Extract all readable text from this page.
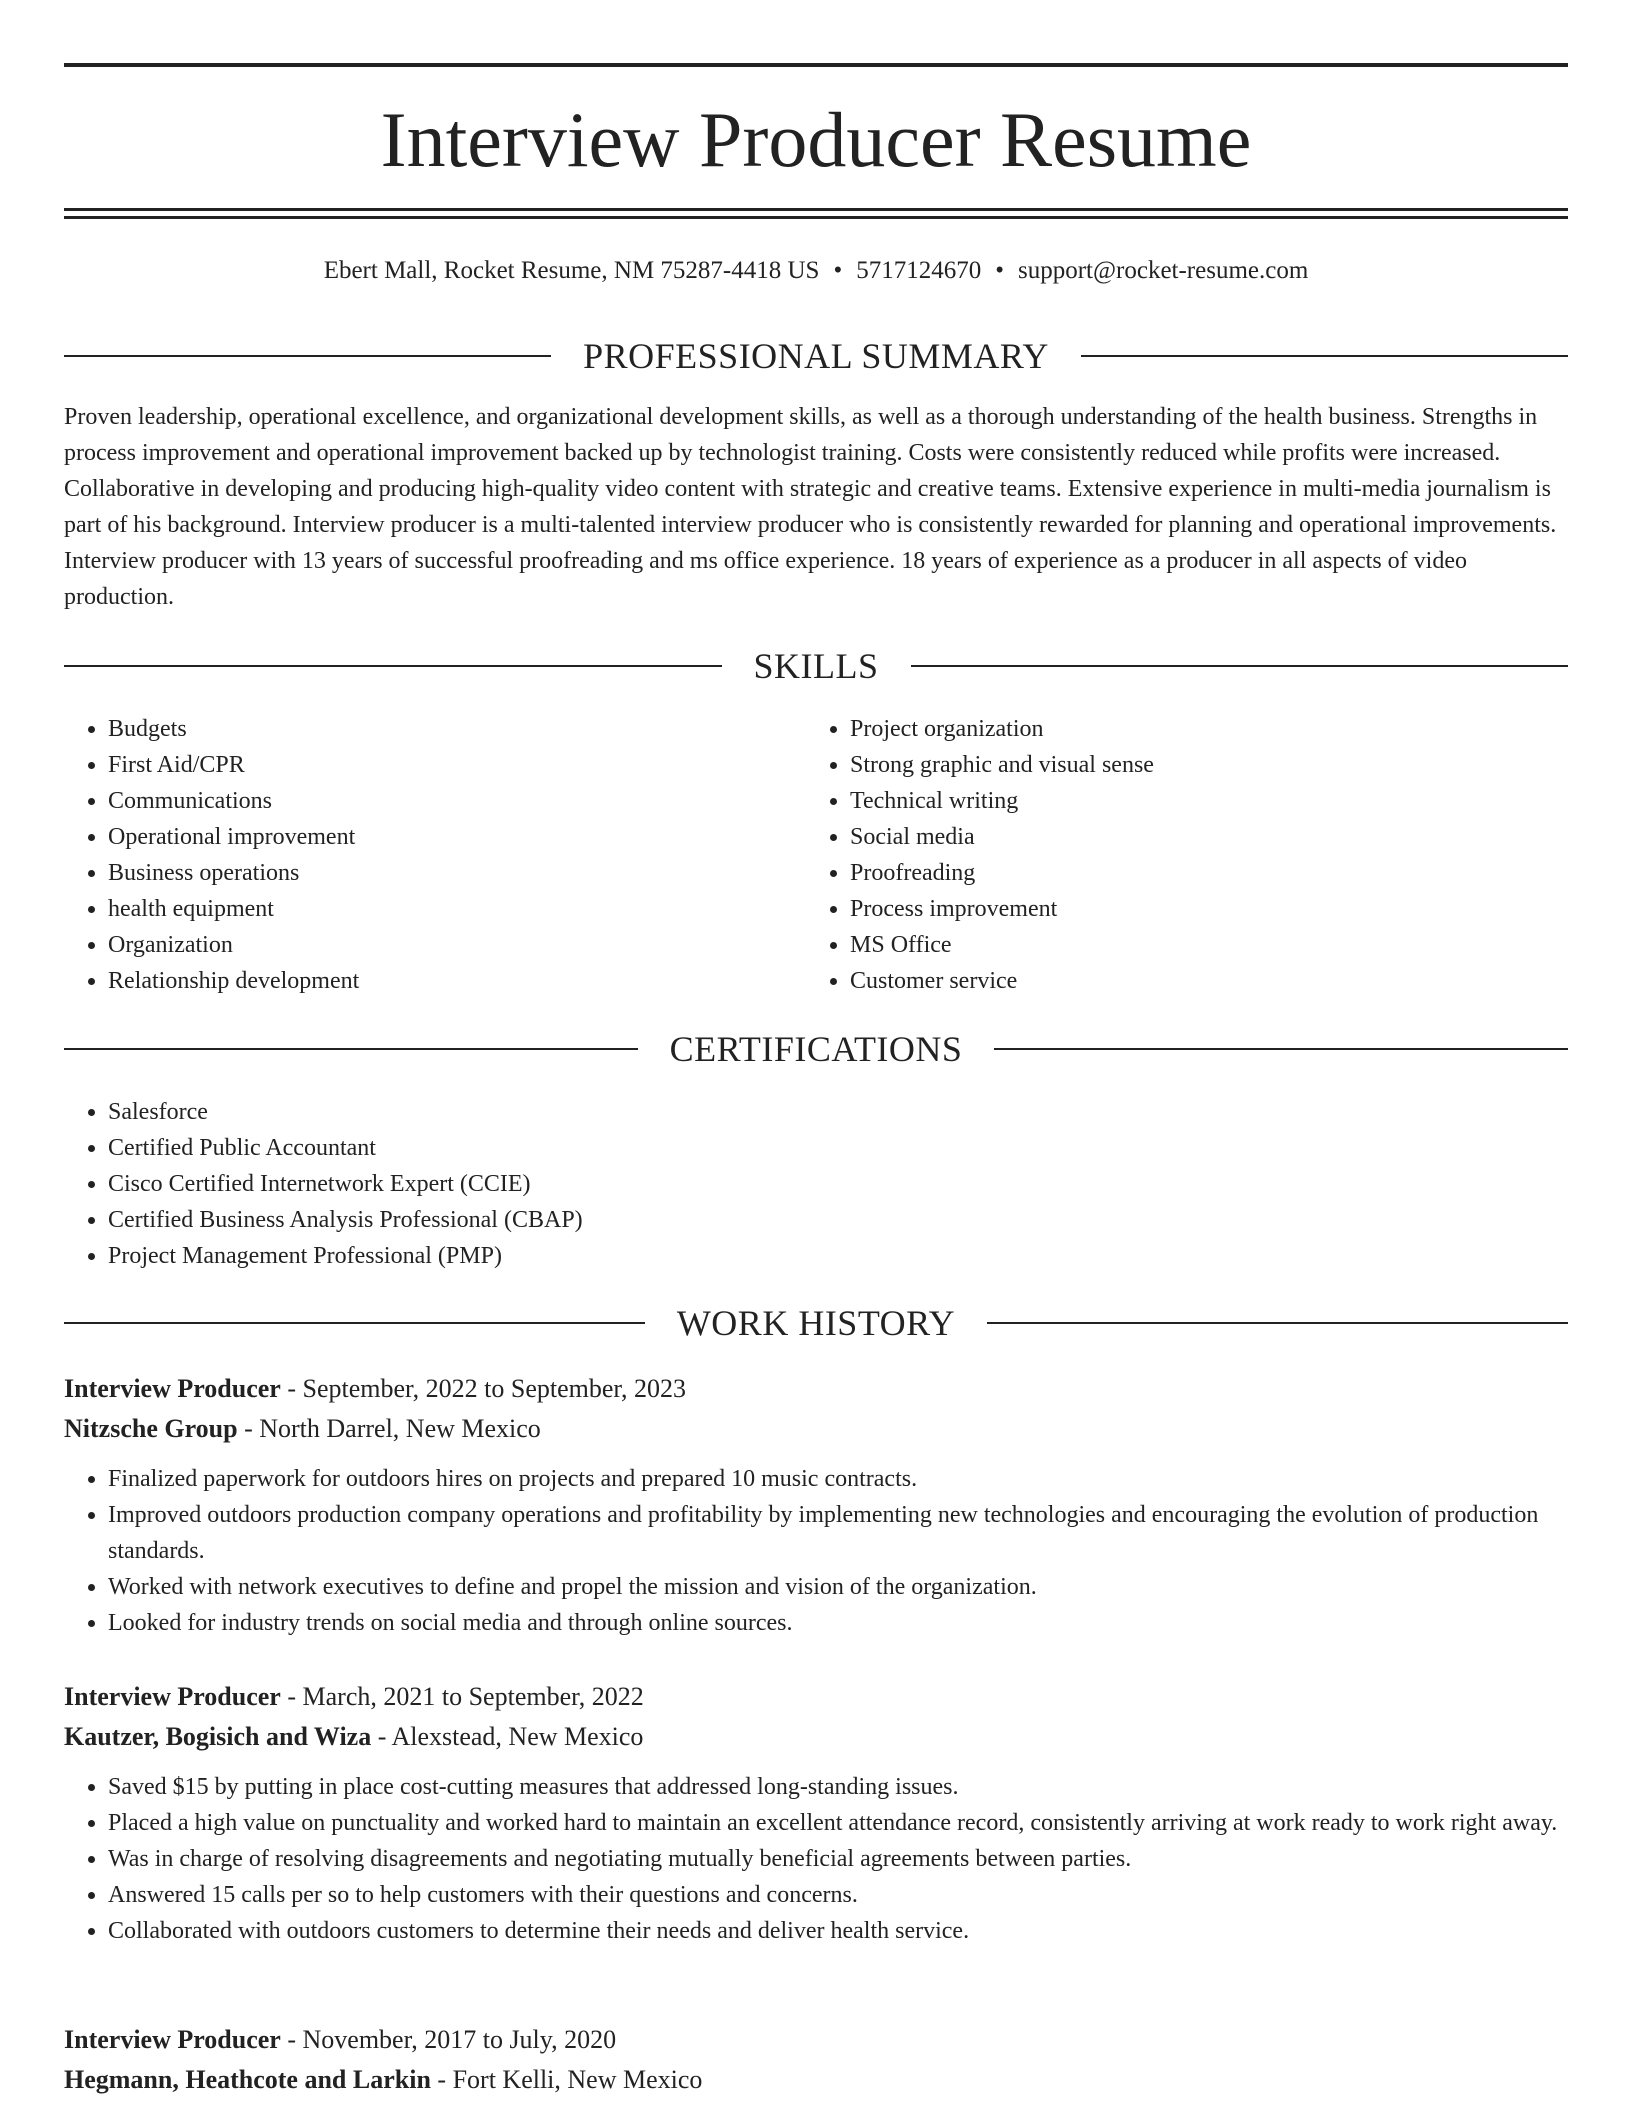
Interview Producer Resume
Ebert Mall, Rocket Resume, NM 75287-4418 US • 5717124670 • support@rocket-resume.com
PROFESSIONAL SUMMARY

Proven leadership, operational excellence, and organizational development skills, as well as a thorough understanding of the health business. Strengths in process improvement and operational improvement backed up by technologist training. Costs were consistently reduced while profits were increased. Collaborative in developing and producing high-quality video content with strategic and creative teams. Extensive experience in multi-media journalism is part of his background. Interview producer is a multi-talented interview producer who is consistently rewarded for planning and operational improvements. Interview producer with 13 years of successful proofreading and ms office experience. 18 years of experience as a producer in all aspects of video production.

SKILLS
• Budgets
• First Aid/CPR
• Communications
• Operational improvement
• Business operations
• health equipment
• Organization
• Relationship development
• Project organization
• Strong graphic and visual sense
• Technical writing
• Social media
• Proofreading
• Process improvement
• MS Office
• Customer service
CERTIFICATIONS
• Salesforce
• Certified Public Accountant
• Cisco Certified Internetwork Expert (CCIE)
• Certified Business Analysis Professional (CBAP)
• Project Management Professional (PMP)
WORK HISTORY
Interview Producer - September, 2022 to September, 2023
Nitzsche Group - North Darrel, New Mexico
• Finalized paperwork for outdoors hires on projects and prepared 10 music contracts.
• Improved outdoors production company operations and profitability by implementing new technologies and encouraging the evolution of production standards.
• Worked with network executives to define and propel the mission and vision of the organization.
• Looked for industry trends on social media and through online sources.
Interview Producer - March, 2021 to September, 2022
Kautzer, Bogisich and Wiza - Alexstead, New Mexico
• Saved $15 by putting in place cost-cutting measures that addressed long-standing issues.
• Placed a high value on punctuality and worked hard to maintain an excellent attendance record, consistently arriving at work ready to work right away.
• Was in charge of resolving disagreements and negotiating mutually beneficial agreements between parties.
• Answered 15 calls per so to help customers with their questions and concerns.
• Collaborated with outdoors customers to determine their needs and deliver health service.
Interview Producer - November, 2017 to July, 2020
Hegmann, Heathcote and Larkin - Fort Kelli, New Mexico
